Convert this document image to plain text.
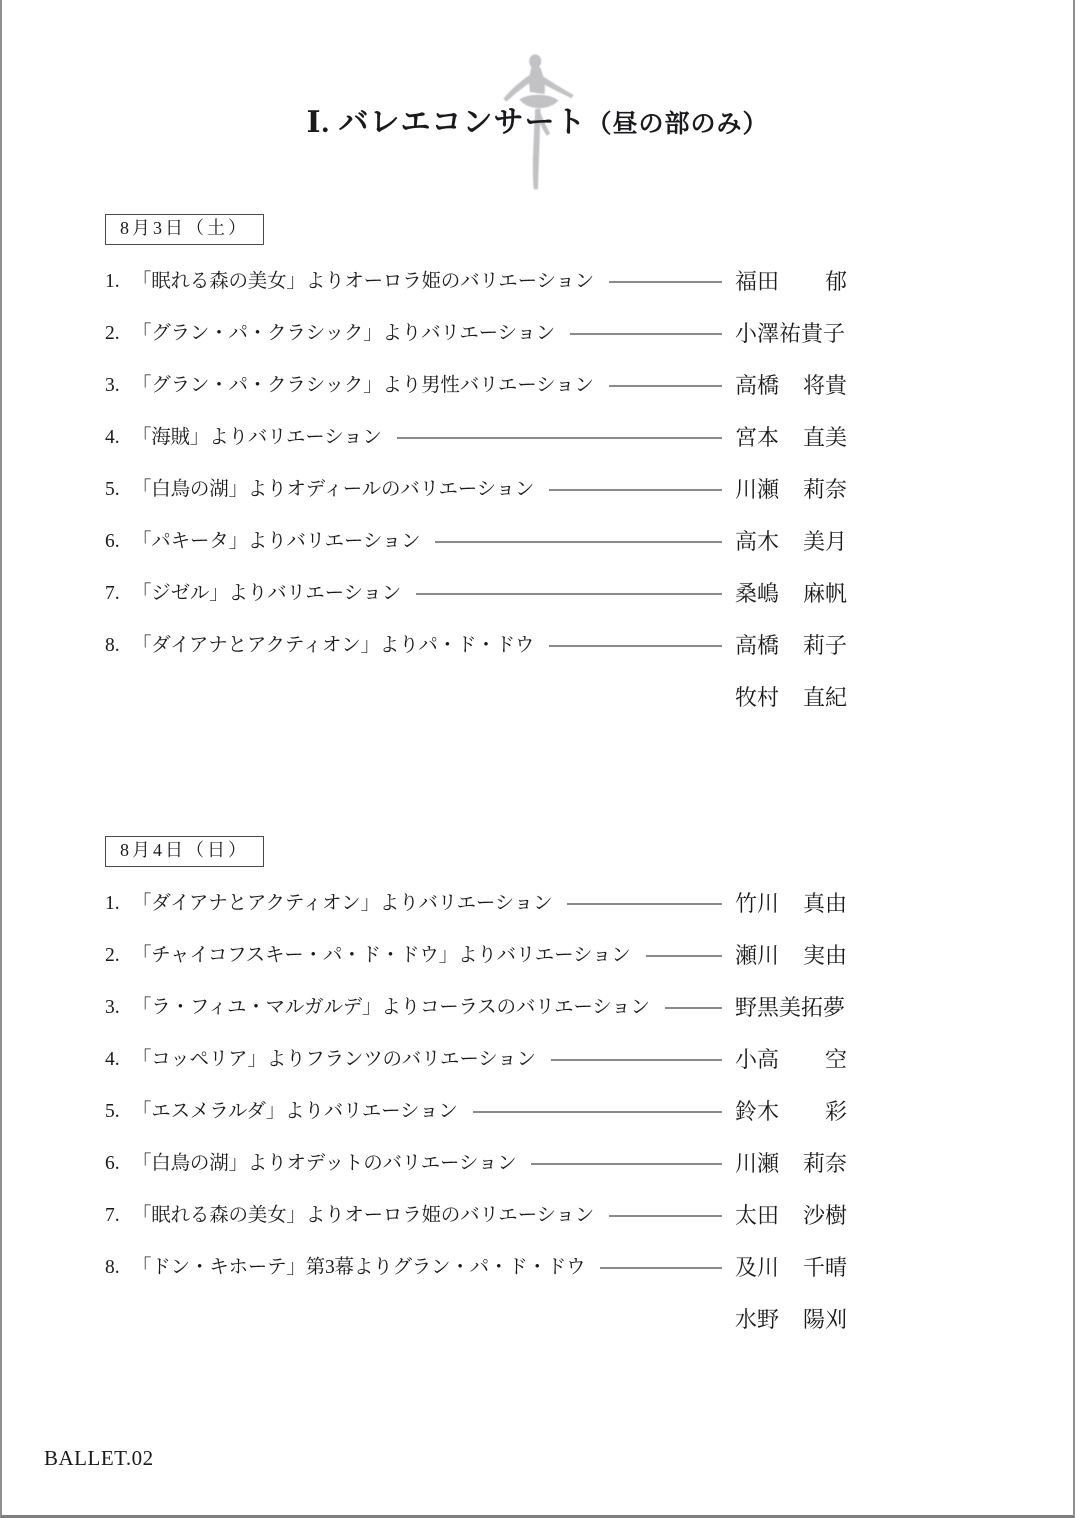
Ⅰ. バレエコンサート（昼の部のみ）
8月3日（土）
1. 「眠れる森の美女」よりオーロラ姫のバリエーション	福田 郁
2. 「グラン・パ・クラシック」よりバリエーション	小澤祐貴子
3. 「グラン・パ・クラシック」より男性バリエーション	高橋 将貴
4. 「海賊」よりバリエーション	宮本 直美
5. 「白鳥の湖」よりオディールのバリエーション	川瀬 莉奈
6. 「パキータ」よりバリエーション	高木 美月
7. 「ジゼル」よりバリエーション	桑嶋 麻帆
8. 「ダイアナとアクティオン」よりパ・ド・ドウ	高橋 莉子
牧村 直紀
8月4日（日）
1. 「ダイアナとアクティオン」よりバリエーション	竹川 真由
2. 「チャイコフスキー・パ・ド・ドウ」よりバリエーション	瀬川 実由
3. 「ラ・フィユ・マルガルデ」よりコーラスのバリエーション	野黒美拓夢
4. 「コッペリア」よりフランツのバリエーション	小高 空
5. 「エスメラルダ」よりバリエーション	鈴木 彩
6. 「白鳥の湖」よりオデットのバリエーション	川瀬 莉奈
7. 「眠れる森の美女」よりオーロラ姫のバリエーション	太田 沙樹
8. 「ドン・キホーテ」第3幕よりグラン・パ・ド・ドウ	及川 千晴
水野 陽刈
BALLET.02
